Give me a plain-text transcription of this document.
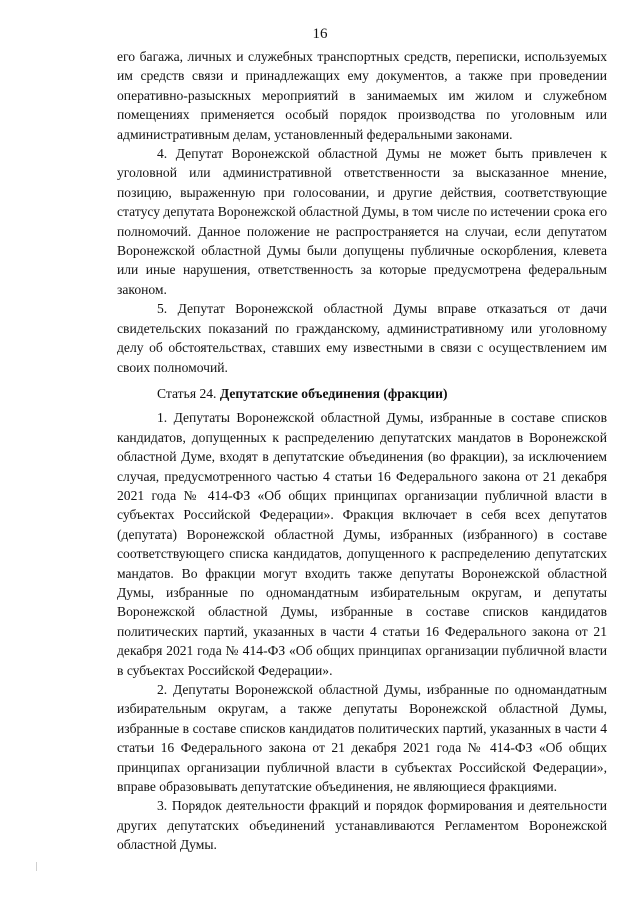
16

его багажа, личных и служебных транспортных средств, переписки, используемых им средств связи и принадлежащих ему документов, а также при проведении оперативно-разыскных мероприятий в занимаемых им жилом и служебном помещениях применяется особый порядок производства по уголовным или административным делам, установленный федеральными законами.

4. Депутат Воронежской областной Думы не может быть привлечен к уголовной или административной ответственности за высказанное мнение, позицию, выраженную при голосовании, и другие действия, соответствующие статусу депутата Воронежской областной Думы, в том числе по истечении срока его полномочий. Данное положение не распространяется на случаи, если депутатом Воронежской областной Думы были допущены публичные оскорбления, клевета или иные нарушения, ответственность за которые предусмотрена федеральным законом.

5. Депутат Воронежской областной Думы вправе отказаться от дачи свидетельских показаний по гражданскому, административному или уголовному делу об обстоятельствах, ставших ему известными в связи с осуществлением им своих полномочий.

Статья 24. Депутатские объединения (фракции)

1. Депутаты Воронежской областной Думы, избранные в составе списков кандидатов, допущенных к распределению депутатских мандатов в Воронежской областной Думе, входят в депутатские объединения (во фракции), за исключением случая, предусмотренного частью 4 статьи 16 Федерального закона от 21 декабря 2021 года № 414-ФЗ «Об общих принципах организации публичной власти в субъектах Российской Федерации». Фракция включает в себя всех депутатов (депутата) Воронежской областной Думы, избранных (избранного) в составе соответствующего списка кандидатов, допущенного к распределению депутатских мандатов. Во фракции могут входить также депутаты Воронежской областной Думы, избранные по одномандатным избирательным округам, и депутаты Воронежской областной Думы, избранные в составе списков кандидатов политических партий, указанных в части 4 статьи 16 Федерального закона от 21 декабря 2021 года № 414-ФЗ «Об общих принципах организации публичной власти в субъектах Российской Федерации».

2. Депутаты Воронежской областной Думы, избранные по одномандатным избирательным округам, а также депутаты Воронежской областной Думы, избранные в составе списков кандидатов политических партий, указанных в части 4 статьи 16 Федерального закона от 21 декабря 2021 года № 414-ФЗ «Об общих принципах организации публичной власти в субъектах Российской Федерации», вправе образовывать депутатские объединения, не являющиеся фракциями.

3. Порядок деятельности фракций и порядок формирования и деятельности других депутатских объединений устанавливаются Регламентом Воронежской областной Думы.
